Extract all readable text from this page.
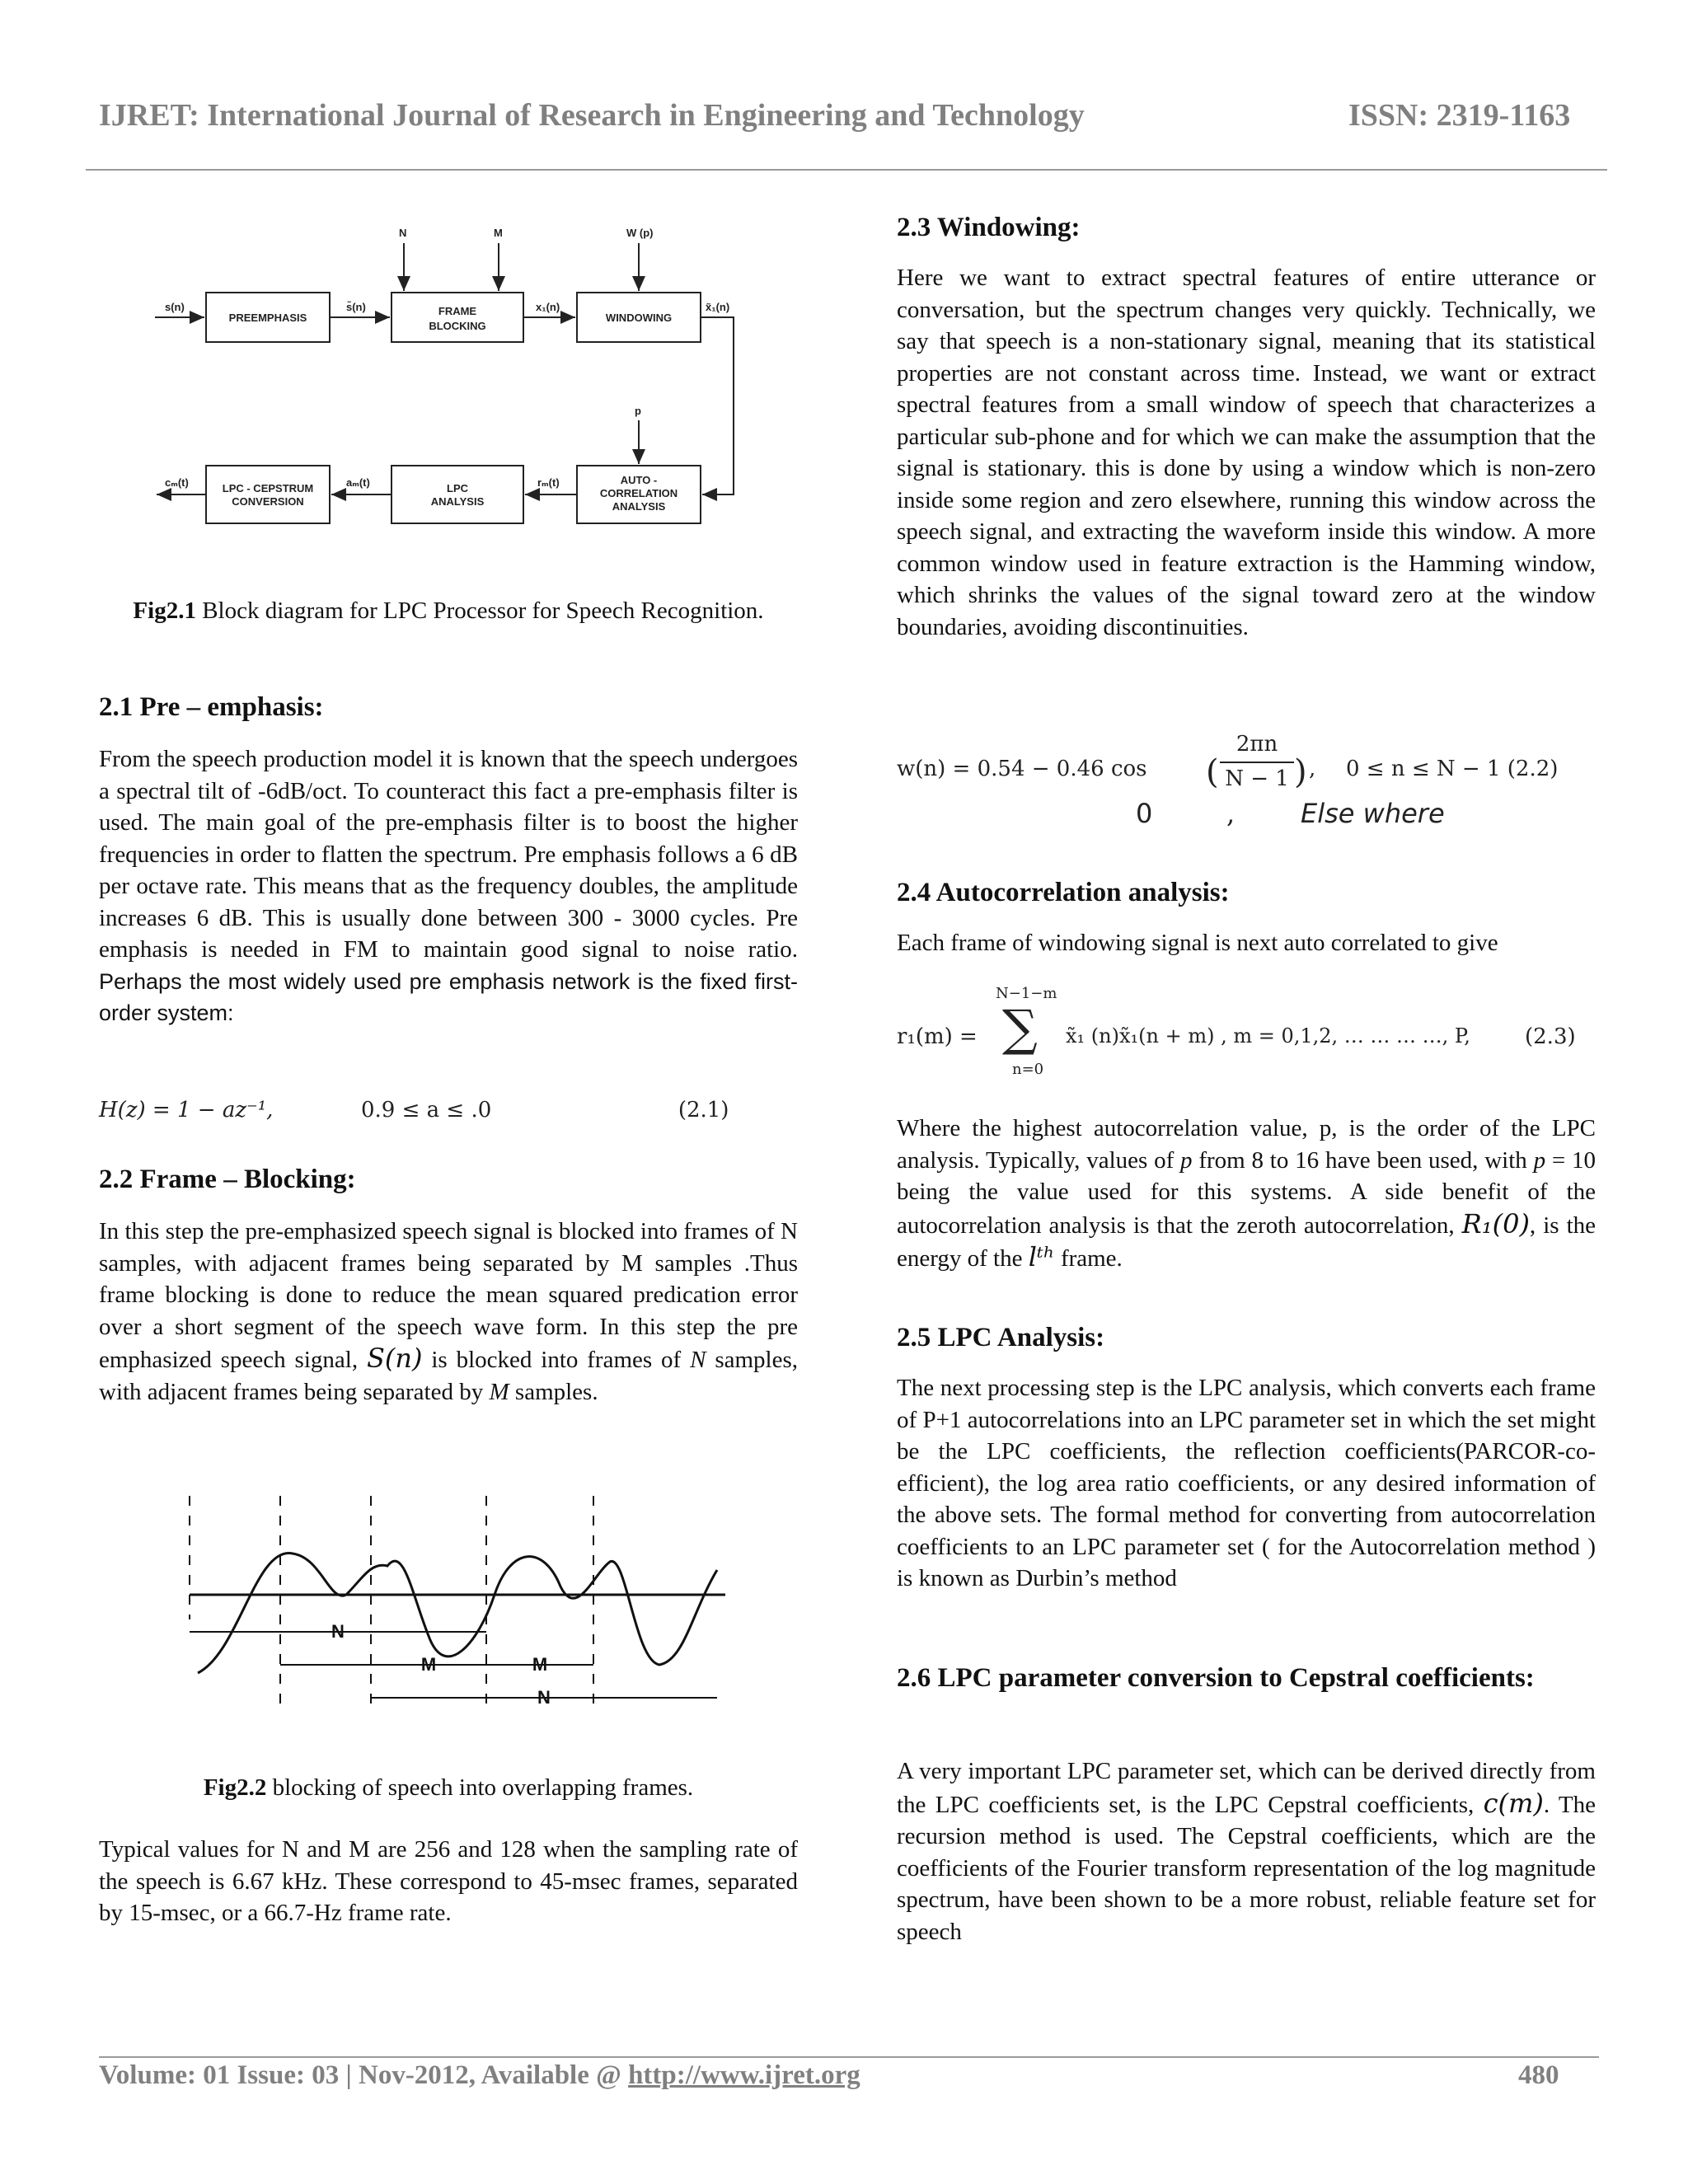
IJRET: International Journal of Research in Engineering and Technology	ISSN: 2319-1163
N	M	W (p)
s(n)	s̃(n)	x₁(n)	x̃₁(n)
p
cₘ(t)	aₘ(t)	rₘ(t)
PREEMPHASIS
FRAME
BLOCKING
WINDOWING
LPC - CEPSTRUM
CONVERSION
LPC
ANALYSIS
AUTO -
CORRELATION
ANALYSIS
Fig2.1 Block diagram for LPC Processor for Speech Recognition.
2.1 Pre – emphasis:

From the speech production model it is known that the speech undergoes a spectral tilt of -6dB/oct. To counteract this fact a pre-emphasis filter is used. The main goal of the pre-emphasis filter is to boost the higher frequencies in order to flatten the spectrum. Pre emphasis follows a 6 dB per octave rate. This means that as the frequency doubles, the amplitude increases 6 dB. This is usually done between 300 - 3000 cycles. Pre emphasis is needed in FM to maintain good signal to noise ratio. Perhaps the most widely used pre emphasis network is the fixed first-order system:

H(z) = 1 − az⁻¹,	0.9 ≤ a ≤ .0	(2.1)
2.2 Frame – Blocking:

In this step the pre-emphasized speech signal is blocked into frames of N samples, with adjacent frames being separated by M samples .Thus frame blocking is done to reduce the mean squared predication error over a short segment of the speech wave form. In this step the pre emphasized speech signal, S(n) is blocked into frames of N samples, with adjacent frames being separated by M samples.

N
M	M
N
Fig2.2 blocking of speech into overlapping frames.

Typical values for N and M are 256 and 128 when the sampling rate of the speech is 6.67 kHz. These correspond to 45-msec frames, separated by 15-msec, or a 66.7-Hz frame rate.

2.3 Windowing:

Here we want to extract spectral features of entire utterance or conversation, but the spectrum changes very quickly. Technically, we say that speech is a non-stationary signal, meaning that its statistical properties are not constant across time. Instead, we want or extract spectral features from a small window of speech that characterizes a particular sub-phone and for which we can make the assumption that the signal is stationary. this is done by using a window which is non-zero inside some region and zero elsewhere, running this window across the speech signal, and extracting the waveform inside this window. A more common window used in feature extraction is the Hamming window, which shrinks the values of the signal toward zero at the window boundaries, avoiding discontinuities.

w(n) = 0.54 − 0.46 cos (
2πn
N − 1 ) , 0 ≤ n ≤ N − 1 (2.2)
0	, Else where
2.4 Autocorrelation analysis:

Each frame of windowing signal is next auto correlated to give

r₁(m) =
N−1−m
∑
n=0
x̃₁ (n)x̃₁(n + m) , m = 0,1,2, … … … …, P,	(2.3)

Where the highest autocorrelation value, p, is the order of the LPC analysis. Typically, values of p from 8 to 16 have been used, with p = 10 being the value used for this systems. A side benefit of the autocorrelation analysis is that the zeroth autocorrelation, R₁(0), is the energy of the lᵗʰ frame.

2.5 LPC Analysis:

The next processing step is the LPC analysis, which converts each frame of P+1 autocorrelations into an LPC parameter set in which the set might be the LPC coefficients, the reflection coefficients(PARCOR-co-efficient), the log area ratio coefficients, or any desired information of the above sets. The formal method for converting from autocorrelation coefficients to an LPC parameter set ( for the Autocorrelation method ) is known as Durbin’s method

2.6 LPC parameter conversion to Cepstral coefficients:

A very important LPC parameter set, which can be derived directly from the LPC coefficients set, is the LPC Cepstral coefficients, c(m). The recursion method is used. The Cepstral coefficients, which are the coefficients of the Fourier transform representation of the log magnitude spectrum, have been shown to be a more robust, reliable feature set for speech

Volume: 01 Issue: 03 | Nov-2012, Available @ http://www.ijret.org	480
